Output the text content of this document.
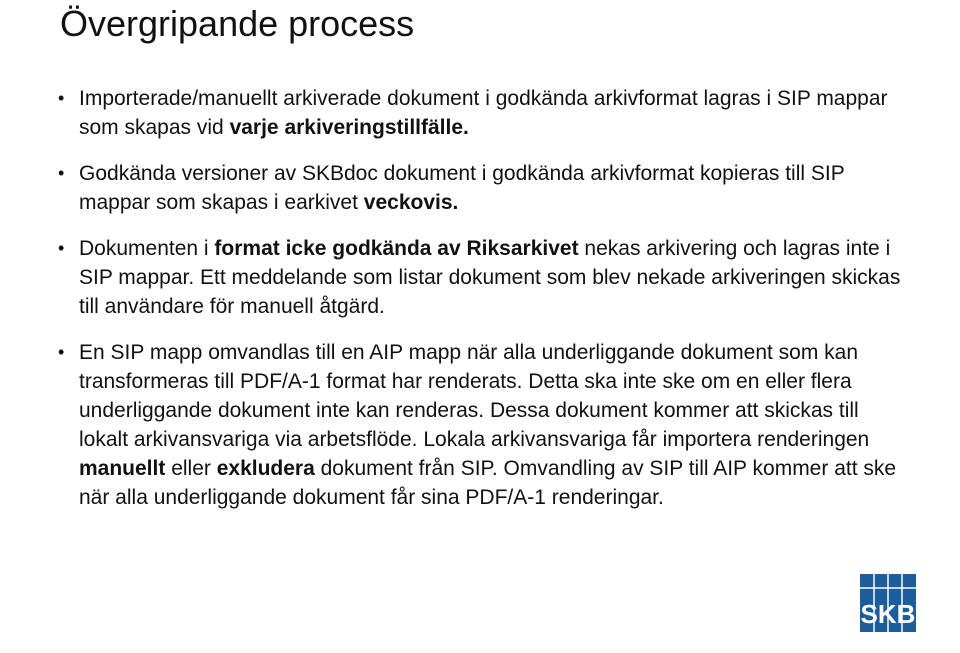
Övergripande process
• Importerade/manuellt arkiverade dokument i godkända arkivformat lagras i SIP mappar som skapas vid varje arkiveringstillfälle.
• Godkända versioner av SKBdoc dokument i godkända arkivformat kopieras till SIP mappar som skapas i earkivet veckovis.
• Dokumenten i format icke godkända av Riksarkivet nekas arkivering och lagras inte i SIP mappar. Ett meddelande som listar dokument som blev nekade arkiveringen skickas till användare för manuell åtgärd.
• En SIP mapp omvandlas till en AIP mapp när alla underliggande dokument som kan transformeras till PDF/A-1 format har renderats. Detta ska inte ske om en eller flera underliggande dokument inte kan renderas. Dessa dokument kommer att skickas till lokalt arkivansvariga via arbetsflöde. Lokala arkivansvariga får importera renderingen manuellt eller exkludera dokument från SIP. Omvandling av SIP till AIP kommer att ske när alla underliggande dokument får sina PDF/A-1 renderingar.
SKB
